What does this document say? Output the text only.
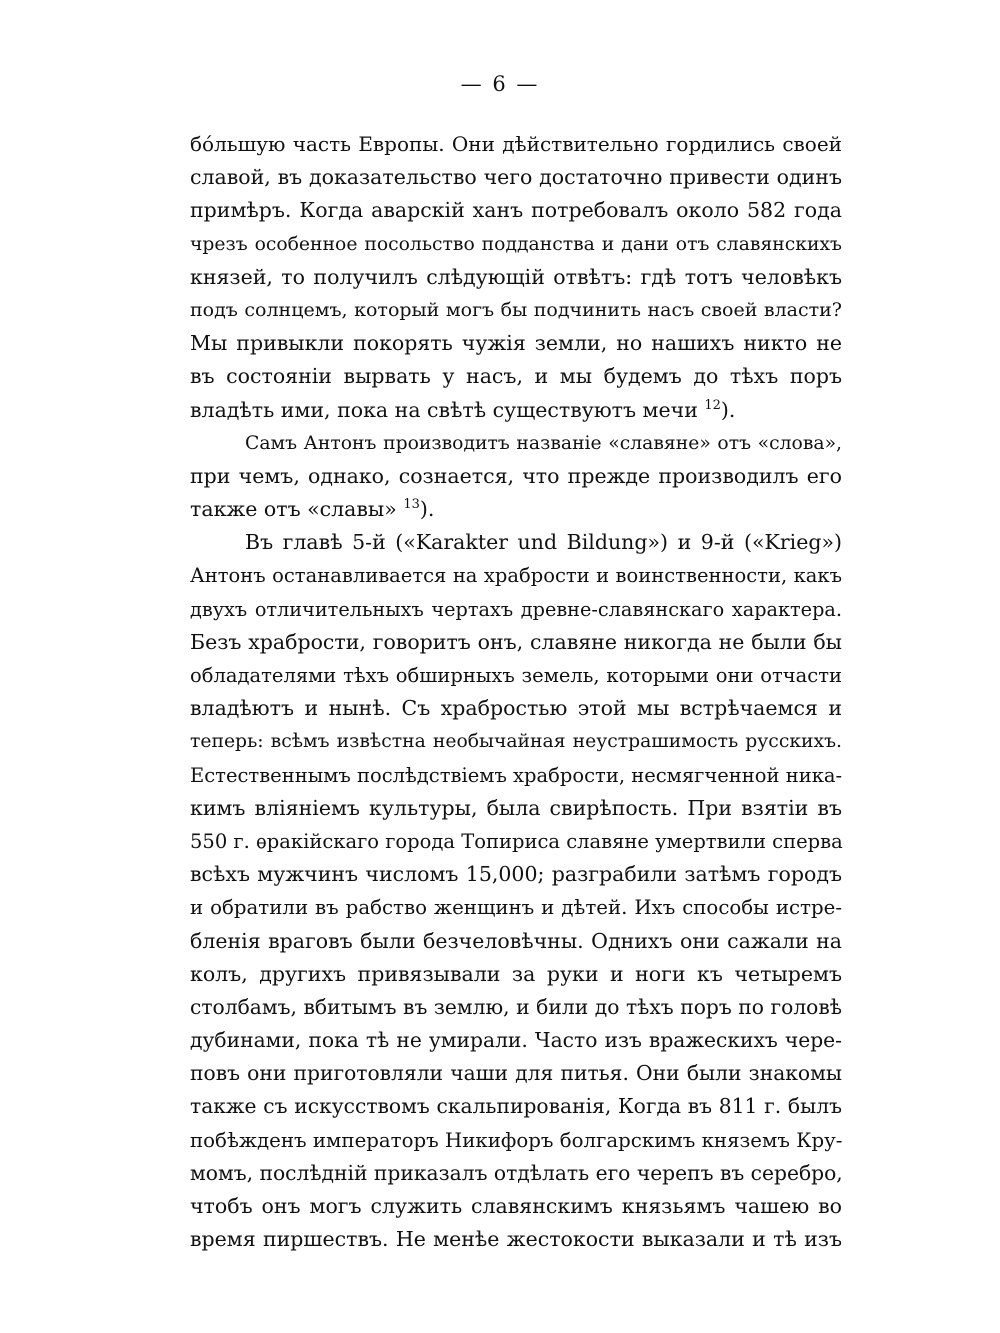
— 6 —
бóльшую часть Европы. Они дѣйствительно гордились своей
славой, въ доказательство чего достаточно привести одинъ
примѣръ. Когда аварскій ханъ потребовалъ около 582 года
чрезъ особенное посольство подданства и дани отъ славянскихъ
князей, то получилъ слѣдующій отвѣтъ: гдѣ тотъ человѣкъ
подъ солнцемъ, который могъ бы подчинить насъ своей власти?
Мы привыкли покорять чужія земли, но нашихъ никто не
въ состояніи вырвать у насъ, и мы будемъ до тѣхъ поръ
владѣть ими, пока на свѣтѣ существуютъ мечи $^{12}$).
Самъ Антонъ производитъ названіе «славяне» отъ «слова»,
при чемъ, однако, сознается, что прежде производилъ его
также отъ «славы» $^{13}$).
Въ главѣ 5-й («Karakter und Bildung») и 9-й («Krieg»)
Антонъ останавливается на храбрости и воинственности, какъ
двухъ отличительныхъ чертахъ древне-славянскаго характера.
Безъ храбрости, говоритъ онъ, славяне никогда не были бы
обладателями тѣхъ обширныхъ земель, которыми они отчасти
владѣютъ и нынѣ. Съ храбростью этой мы встрѣчаемся и
теперь: всѣмъ извѣстна необычайная неустрашимость русскихъ.
Естественнымъ послѣдствіемъ храбрости, несмягченной ника-
кимъ вліяніемъ культуры, была свирѣпость. При взятіи въ
550 г. ѳракійскаго города Топириса славяне умертвили сперва
всѣхъ мужчинъ числомъ 15,000; разграбили затѣмъ городъ
и обратили въ рабство женщинъ и дѣтей. Ихъ способы истре-
бленія враговъ были безчеловѣчны. Однихъ они сажали на
колъ, другихъ привязывали за руки и ноги къ четыремъ
столбамъ, вбитымъ въ землю, и били до тѣхъ поръ по головѣ
дубинами, пока тѣ не умирали. Часто изъ вражескихъ чере-
повъ они приготовляли чаши для питья. Они были знакомы
также съ искусствомъ скальпированія, Когда въ 811 г. былъ
побѣжденъ императоръ Никифоръ болгарскимъ княземъ Кру-
момъ, послѣдній приказалъ отдѣлать его черепъ въ серебро,
чтобъ онъ могъ служить славянскимъ князьямъ чашею во
время пиршествъ. Не менѣе жестокости выказали и тѣ изъ
